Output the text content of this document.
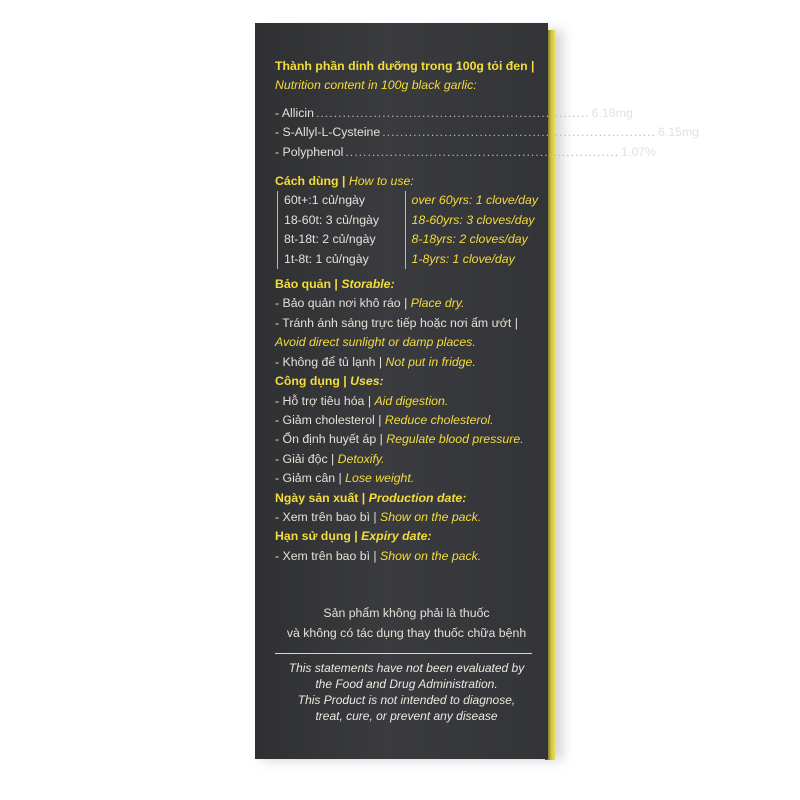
Thành phần dinh dưỡng trong 100g tỏi đen |
Nutrition content in 100g black garlic:
- Allicin .............................................................. 6.18mg
- S-Allyl-L-Cysteine .............................................................. 6.15mg
- Polyphenol .............................................................. 1.07%
Cách dùng | How to use:
60t+:1 củ/ngày
18-60t: 3 củ/ngày
8t-18t: 2 củ/ngày
1t-8t: 1 củ/ngày
over 60yrs: 1 clove/day
18-60yrs: 3 cloves/day
8-18yrs: 2 cloves/day
1-8yrs: 1 clove/day
Bảo quản | Storable:
- Bảo quản nơi khô ráo | Place dry.
- Tránh ánh sáng trực tiếp hoặc nơi ẩm ướt |
Avoid direct sunlight or damp places.
- Không để tủ lạnh | Not put in fridge.
Công dụng | Uses:
- Hỗ trợ tiêu hóa | Aid digestion.
- Giảm cholesterol | Reduce cholesterol.
- Ổn định huyết áp | Regulate blood pressure.
- Giải độc | Detoxify.
- Giảm cân | Lose weight.
Ngày sản xuất | Production date:
- Xem trên bao bì | Show on the pack.
Hạn sử dụng | Expiry date:
- Xem trên bao bì | Show on the pack.
Sản phẩm không phải là thuốc
và không có tác dụng thay thuốc chữa bệnh
This statements have not been evaluated by
the Food and Drug Administration.
This Product is not intended to diagnose,
treat, cure, or prevent any disease
